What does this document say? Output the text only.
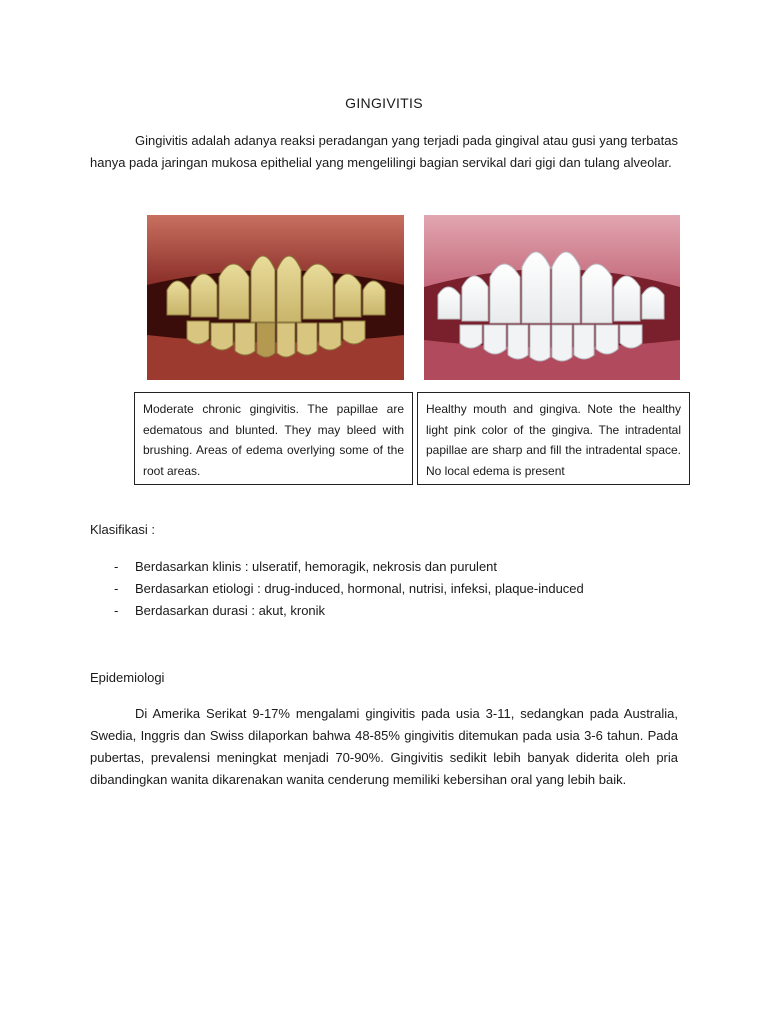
GINGIVITIS

Gingivitis adalah adanya reaksi peradangan yang terjadi pada gingival atau gusi yang terbatas hanya pada jaringan mukosa epithelial yang mengelilingi bagian servikal dari gigi dan tulang alveolar.

Moderate chronic gingivitis. The papillae are edematous and blunted. They may bleed with brushing. Areas of edema overlying some of the root areas.
Healthy mouth and gingiva. Note the healthy light pink color of the gingiva. The intradental papillae are sharp and fill the intradental space. No local edema is present
Klasifikasi :
- Berdasarkan klinis : ulseratif, hemoragik, nekrosis dan purulent
- Berdasarkan etiologi : drug-induced, hormonal, nutrisi, infeksi, plaque-induced
- Berdasarkan durasi : akut, kronik
Epidemiologi

Di Amerika Serikat 9-17% mengalami gingivitis pada usia 3-11, sedangkan pada Australia, Swedia, Inggris dan Swiss dilaporkan bahwa 48-85% gingivitis ditemukan pada usia 3-6 tahun. Pada pubertas, prevalensi meningkat menjadi 70-90%. Gingivitis sedikit lebih banyak diderita oleh pria dibandingkan wanita dikarenakan wanita cenderung memiliki kebersihan oral yang lebih baik.
